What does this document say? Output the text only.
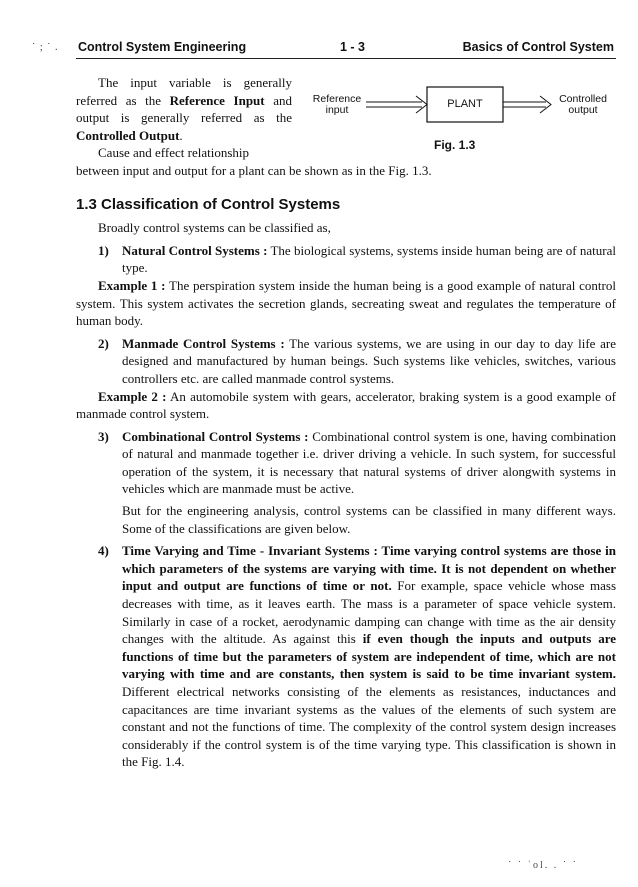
˙ ; ˙ . Control System Engineering	1 - 3	Basics of Control System
Reference
input	PLANT	Controlled
output
Fig. 1.3

The input variable is generally referred as the Reference Input and output is generally referred as the Controlled Output.

Cause and effect relationship

between input and output for a plant can be shown as in the Fig. 1.3.

1.3 Classification of Control Systems

Broadly control systems can be classified as,

1) Natural Control Systems : The biological systems, systems inside human being are of natural type.

Example 1 : The perspiration system inside the human being is a good example of natural control system. This system activates the secretion glands, secreating sweat and regulates the temperature of human body.

2) Manmade Control Systems : The various systems, we are using in our day to day life are designed and manufactured by human beings. Such systems like vehicles, switches, various controllers etc. are called manmade control systems.

Example 2 : An automobile system with gears, accelerator, braking system is a good example of manmade control system.

3) Combinational Control Systems : Combinational control system is one, having combination of natural and manmade together i.e. driver driving a vehicle. In such system, for successful operation of the system, it is necessary that natural systems of driver alongwith systems in vehicles which are manmade must be active.

But for the engineering analysis, control systems can be classified in many different ways. Some of the classifications are given below.

4) Time Varying and Time - Invariant Systems : Time varying control systems are those in which parameters of the systems are varying with time. It is not dependent on whether input and output are functions of time or not. For example, space vehicle whose mass decreases with time, as it leaves earth. The mass is a parameter of space vehicle system. Similarly in case of a rocket, aerodynamic damping can change with time as the air density changes with the altitude. As against this if even though the inputs and outputs are functions of time but the parameters of system are independent of time, which are not varying with time and are constants, then system is said to be time invariant system. Different electrical networks consisting of the elements as resistances, inductances and capacitances are time invariant systems as the values of the elements of such system are constant and not the functions of time. The complexity of the control system design increases considerably if the control system is of the time varying type. This classification is shown in the Fig. 1.4.

˙ ˙ ʿol. . ˙ ˙
